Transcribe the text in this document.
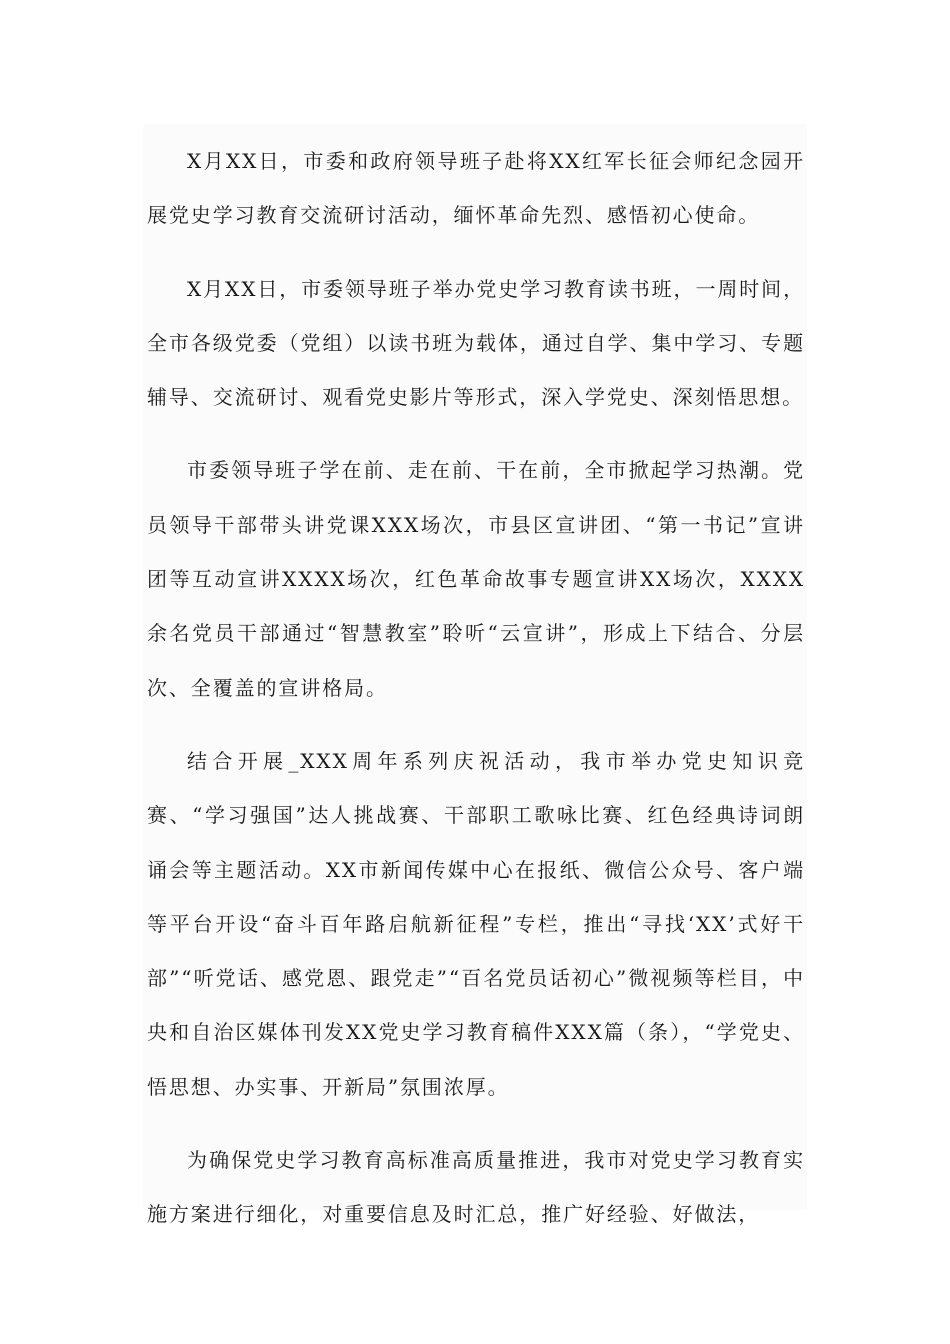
X月XX日，市委和政府领导班子赴将XX红军长征会师纪念园开展党史学习教育交流研讨活动，缅怀革命先烈、感悟初心使命。

X月XX日，市委领导班子举办党史学习教育读书班，一周时间，全市各级党委（党组）以读书班为载体，通过自学、集中学习、专题辅导、交流研讨、观看党史影片等形式，深入学党史、深刻悟思想。

市委领导班子学在前、走在前、干在前，全市掀起学习热潮。党员领导干部带头讲党课XXX场次，市县区宣讲团、“第一书记”宣讲团等互动宣讲XXXX场次，红色革命故事专题宣讲XX场次，XXXX余名党员干部通过“智慧教室”聆听“云宣讲”，形成上下结合、分层次、全覆盖的宣讲格局。

结合开展_XXX周年系列庆祝活动，我市举办党史知识竞赛、“学习强国”达人挑战赛、干部职工歌咏比赛、红色经典诗词朗诵会等主题活动。XX市新闻传媒中心在报纸、微信公众号、客户端等平台开设“奋斗百年路启航新征程”专栏，推出“寻找‘XX’式好干部”“听党话、感党恩、跟党走”“百名党员话初心”微视频等栏目，中央和自治区媒体刊发XX党史学习教育稿件XXX篇（条），“学党史、悟思想、办实事、开新局”氛围浓厚。

为确保党史学习教育高标准高质量推进，我市对党史学习教育实施方案进行细化，对重要信息及时汇总，推广好经验、好做法，
